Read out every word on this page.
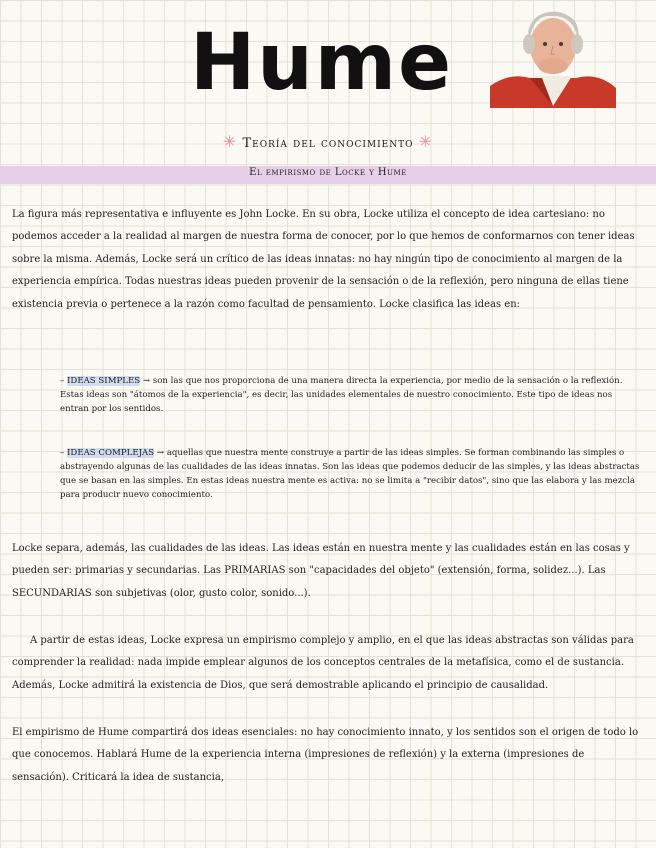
Hume
✳ Teoría del conocimiento ✳
El empirismo de Locke y Hume
La figura más representativa e influyente es John Locke. En su obra, Locke utiliza el concepto de idea cartesiano: no podemos acceder a la realidad al margen de nuestra forma de conocer, por lo que hemos de conformarnos con tener ideas sobre la misma. Además, Locke será un crítico de las ideas innatas: no hay ningún tipo de conocimiento al margen de la experiencia empírica. Todas nuestras ideas pueden provenir de la sensación o de la reflexión, pero ninguna de ellas tiene existencia previa o pertenece a la razón como facultad de pensamiento. Locke clasifica las ideas en:
– IDEAS SIMPLES → son las que nos proporciona de una manera directa la experiencia, por medio de la sensación o la reflexión. Estas ideas son "átomos de la experiencia", es decir, las unidades elementales de nuestro conocimiento. Este tipo de ideas nos entran por los sentidos.
– IDEAS COMPLEJAS → aquellas que nuestra mente construye a partir de las ideas simples. Se forman combinando las simples o abstrayendo algunas de las cualidades de las ideas innatas. Son las ideas que podemos deducir de las simples, y las ideas abstractas que se basan en las simples. En estas ideas nuestra mente es activa: no se limita a "recibir datos", sino que las elabora y las mezcla para producir nuevo conocimiento.
Locke separa, además, las cualidades de las ideas. Las ideas están en nuestra mente y las cualidades están en las cosas y pueden ser: primarias y secundarias. Las PRIMARIAS son "capacidades del objeto" (extensión, forma, solidez...). Las SECUNDARIAS son subjetivas (olor, gusto color, sonido...).
A partir de estas ideas, Locke expresa un empirismo complejo y amplio, en el que las ideas abstractas son válidas para comprender la realidad: nada impide emplear algunos de los conceptos centrales de la metafísica, como el de sustancia. Además, Locke admitirá la existencia de Dios, que será demostrable aplicando el principio de causalidad.
El empirismo de Hume compartirá dos ideas esenciales: no hay conocimiento innato, y los sentidos son el origen de todo lo que conocemos. Hablará Hume de la experiencia interna (impresiones de reflexión) y la externa (impresiones de sensación). Criticará la idea de sustancia,
